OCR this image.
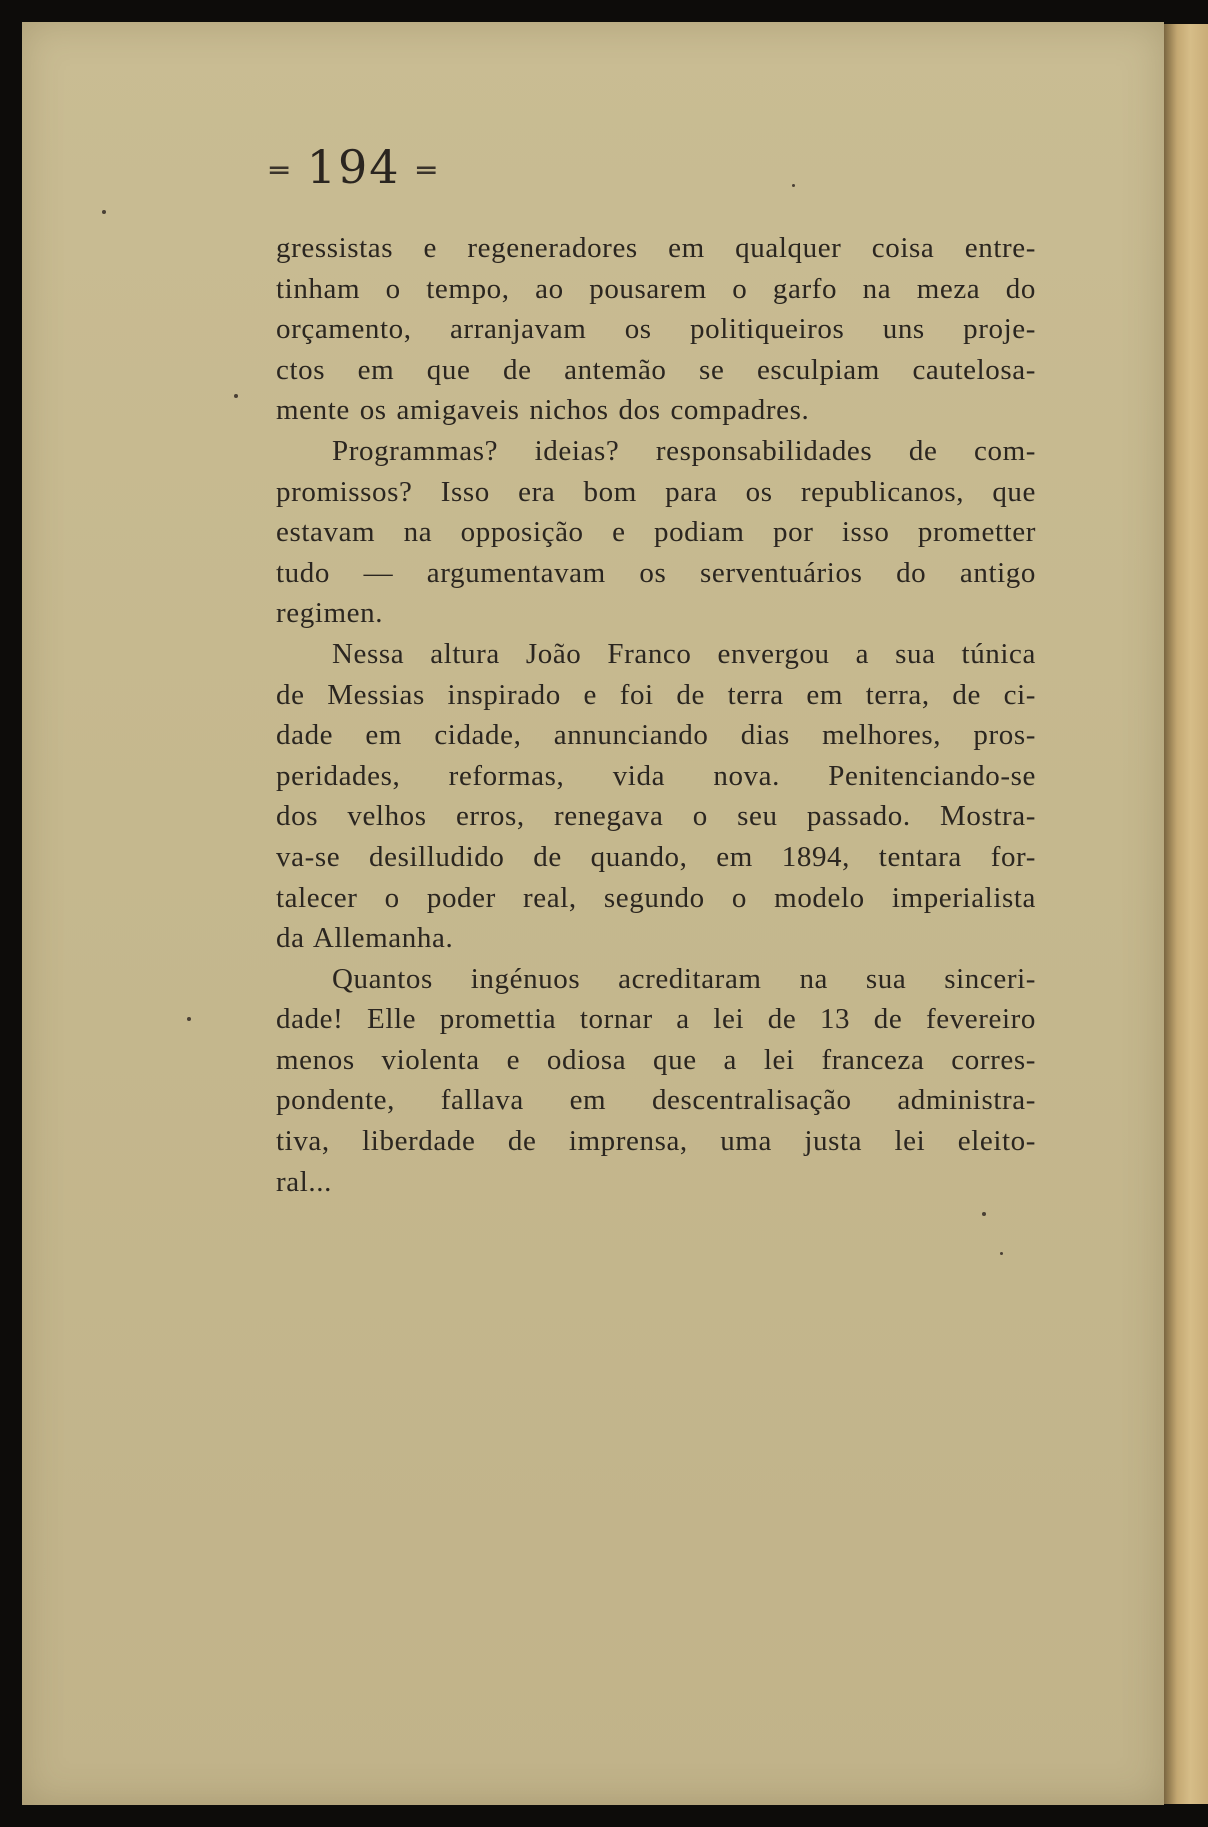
═ 194 ═
gressistas e regeneradores em qualquer coisa entre-
tinham o tempo, ao pousarem o garfo na meza do
orçamento, arranjavam os politiqueiros uns proje-
ctos em que de antemão se esculpiam cautelosa-
mente os amigaveis nichos dos compadres.
Programmas? ideias? responsabilidades de com-
promissos? Isso era bom para os republicanos, que
estavam na opposição e podiam por isso prometter
tudo — argumentavam os serventuários do antigo
regimen.
Nessa altura João Franco envergou a sua túnica
de Messias inspirado e foi de terra em terra, de ci-
dade em cidade, annunciando dias melhores, pros-
peridades, reformas, vida nova. Penitenciando-se
dos velhos erros, renegava o seu passado. Mostra-
va-se desilludido de quando, em 1894, tentara for-
talecer o poder real, segundo o modelo imperialista
da Allemanha.
Quantos ingénuos acreditaram na sua sinceri-
dade! Elle promettia tornar a lei de 13 de fevereiro
menos violenta e odiosa que a lei franceza corres-
pondente, fallava em descentralisação administra-
tiva, liberdade de imprensa, uma justa lei eleito-
ral...
